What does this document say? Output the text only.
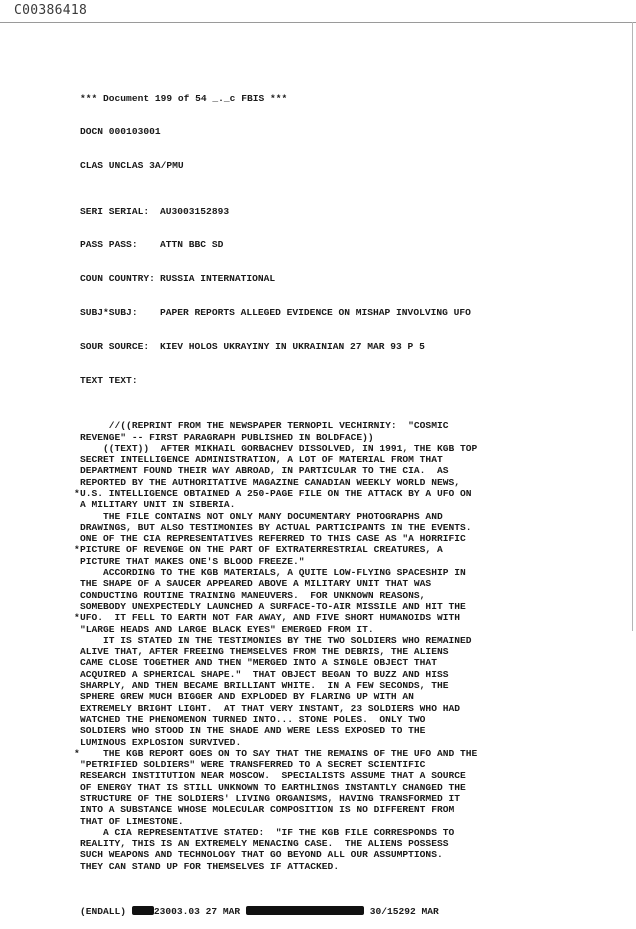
C00386418

*** Document 199 of 54 _._c FBIS ***

DOCN 000103001

CLAS UNCLAS 3A/PMU

SERI SERIAL: AU3003152893

PASS PASS: ATTN BBC SD

COUN COUNTRY: RUSSIA INTERNATIONAL

SUBJ*SUBJ: PAPER REPORTS ALLEGED EVIDENCE ON MISHAP INVOLVING UFO

SOUR SOURCE: KIEV HOLOS UKRAYINY IN UKRAINIAN 27 MAR 93 P 5

TEXT TEXT:

//((REPRINT FROM THE NEWSPAPER TERNOPIL VECHIRNIY:  "COSMIC
REVENGE" -- FIRST PARAGRAPH PUBLISHED IN BOLDFACE))
((TEXT))  AFTER MIKHAIL GORBACHEV DISSOLVED, IN 1991, THE KGB TOP
SECRET INTELLIGENCE ADMINISTRATION, A LOT OF MATERIAL FROM THAT
DEPARTMENT FOUND THEIR WAY ABROAD, IN PARTICULAR TO THE CIA.  AS
REPORTED BY THE AUTHORITATIVE MAGAZINE CANADIAN WEEKLY WORLD NEWS,
* U.S. INTELLIGENCE OBTAINED A 250-PAGE FILE ON THE ATTACK BY A UFO ON
A MILITARY UNIT IN SIBERIA.
THE FILE CONTAINS NOT ONLY MANY DOCUMENTARY PHOTOGRAPHS AND
DRAWINGS, BUT ALSO TESTIMONIES BY ACTUAL PARTICIPANTS IN THE EVENTS.
ONE OF THE CIA REPRESENTATIVES REFERRED TO THIS CASE AS "A HORRIFIC
* PICTURE OF REVENGE ON THE PART OF EXTRATERRESTRIAL CREATURES, A
PICTURE THAT MAKES ONE'S BLOOD FREEZE."
ACCORDING TO THE KGB MATERIALS, A QUITE LOW-FLYING SPACESHIP IN
THE SHAPE OF A SAUCER APPEARED ABOVE A MILITARY UNIT THAT WAS
CONDUCTING ROUTINE TRAINING MANEUVERS.  FOR UNKNOWN REASONS,
SOMEBODY UNEXPECTEDLY LAUNCHED A SURFACE-TO-AIR MISSILE AND HIT THE
* UFO.  IT FELL TO EARTH NOT FAR AWAY, AND FIVE SHORT HUMANOIDS WITH
"LARGE HEADS AND LARGE BLACK EYES" EMERGED FROM IT.
IT IS STATED IN THE TESTIMONIES BY THE TWO SOLDIERS WHO REMAINED
ALIVE THAT, AFTER FREEING THEMSELVES FROM THE DEBRIS, THE ALIENS
CAME CLOSE TOGETHER AND THEN "MERGED INTO A SINGLE OBJECT THAT
ACQUIRED A SPHERICAL SHAPE."  THAT OBJECT BEGAN TO BUZZ AND HISS
SHARPLY, AND THEN BECAME BRILLIANT WHITE.  IN A FEW SECONDS, THE
SPHERE GREW MUCH BIGGER AND EXPLODED BY FLARING UP WITH AN
EXTREMELY BRIGHT LIGHT.  AT THAT VERY INSTANT, 23 SOLDIERS WHO HAD
WATCHED THE PHENOMENON TURNED INTO... STONE POLES.  ONLY TWO
SOLDIERS WHO STOOD IN THE SHADE AND WERE LESS EXPOSED TO THE
LUMINOUS EXPLOSION SURVIVED.
* THE KGB REPORT GOES ON TO SAY THAT THE REMAINS OF THE UFO AND THE
"PETRIFIED SOLDIERS" WERE TRANSFERRED TO A SECRET SCIENTIFIC
RESEARCH INSTITUTION NEAR MOSCOW.  SPECIALISTS ASSUME THAT A SOURCE
OF ENERGY THAT IS STILL UNKNOWN TO EARTHLINGS INSTANTLY CHANGED THE
STRUCTURE OF THE SOLDIERS' LIVING ORGANISMS, HAVING TRANSFORMED IT
INTO A SUBSTANCE WHOSE MOLECULAR COMPOSITION IS NO DIFFERENT FROM
THAT OF LIMESTONE.
A CIA REPRESENTATIVE STATED:  "IF THE KGB FILE CORRESPONDS TO
REALITY, THIS IS AN EXTREMELY MENACING CASE.  THE ALIENS POSSESS
SUCH WEAPONS AND TECHNOLOGY THAT GO BEYOND ALL OUR ASSUMPTIONS.
THEY CAN STAND UP FOR THEMSELVES IF ATTACKED.

(ENDALL)	23003.03 27 MAR	30/15292 MAR
